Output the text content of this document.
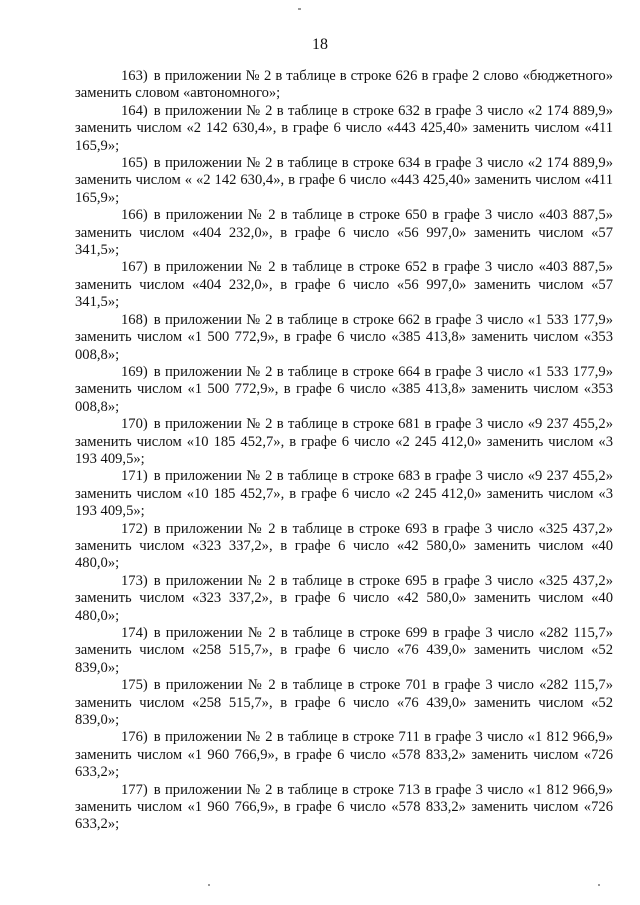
18

163) в приложении № 2 в таблице в строке 626 в графе 2 слово «бюджетного» заменить словом «автономного»;

164) в приложении № 2 в таблице в строке 632 в графе 3 число «2 174 889,9» заменить числом «2 142 630,4», в графе 6 число «443 425,40» заменить числом «411 165,9»;

165) в приложении № 2 в таблице в строке 634 в графе 3 число «2 174 889,9» заменить числом « «2 142 630,4», в графе 6 число «443 425,40» заменить числом «411 165,9»;

166) в приложении № 2 в таблице в строке 650 в графе 3 число «403 887,5» заменить числом «404 232,0», в графе 6 число «56 997,0» заменить числом «57 341,5»;

167) в приложении № 2 в таблице в строке 652 в графе 3 число «403 887,5» заменить числом «404 232,0», в графе 6 число «56 997,0» заменить числом «57 341,5»;

168) в приложении № 2 в таблице в строке 662 в графе 3 число «1 533 177,9» заменить числом «1 500 772,9», в графе 6 число «385 413,8» заменить числом «353 008,8»;

169) в приложении № 2 в таблице в строке 664 в графе 3 число «1 533 177,9» заменить числом «1 500 772,9», в графе 6 число «385 413,8» заменить числом «353 008,8»;

170) в приложении № 2 в таблице в строке 681 в графе 3 число «9 237 455,2» заменить числом «10 185 452,7», в графе 6 число «2 245 412,0» заменить числом «3 193 409,5»;

171) в приложении № 2 в таблице в строке 683 в графе 3 число «9 237 455,2» заменить числом «10 185 452,7», в графе 6 число «2 245 412,0» заменить числом «3 193 409,5»;

172) в приложении № 2 в таблице в строке 693 в графе 3 число «325 437,2» заменить числом «323 337,2», в графе 6 число «42 580,0» заменить числом «40 480,0»;

173) в приложении № 2 в таблице в строке 695 в графе 3 число «325 437,2» заменить числом «323 337,2», в графе 6 число «42 580,0» заменить числом «40 480,0»;

174) в приложении № 2 в таблице в строке 699 в графе 3 число «282 115,7» заменить числом «258 515,7», в графе 6 число «76 439,0» заменить числом «52 839,0»;

175) в приложении № 2 в таблице в строке 701 в графе 3 число «282 115,7» заменить числом «258 515,7», в графе 6 число «76 439,0» заменить числом «52 839,0»;

176) в приложении № 2 в таблице в строке 711 в графе 3 число «1 812 966,9» заменить числом «1 960 766,9», в графе 6 число «578 833,2» заменить числом «726 633,2»;

177) в приложении № 2 в таблице в строке 713 в графе 3 число «1 812 966,9» заменить числом «1 960 766,9», в графе 6 число «578 833,2» заменить числом «726 633,2»;
